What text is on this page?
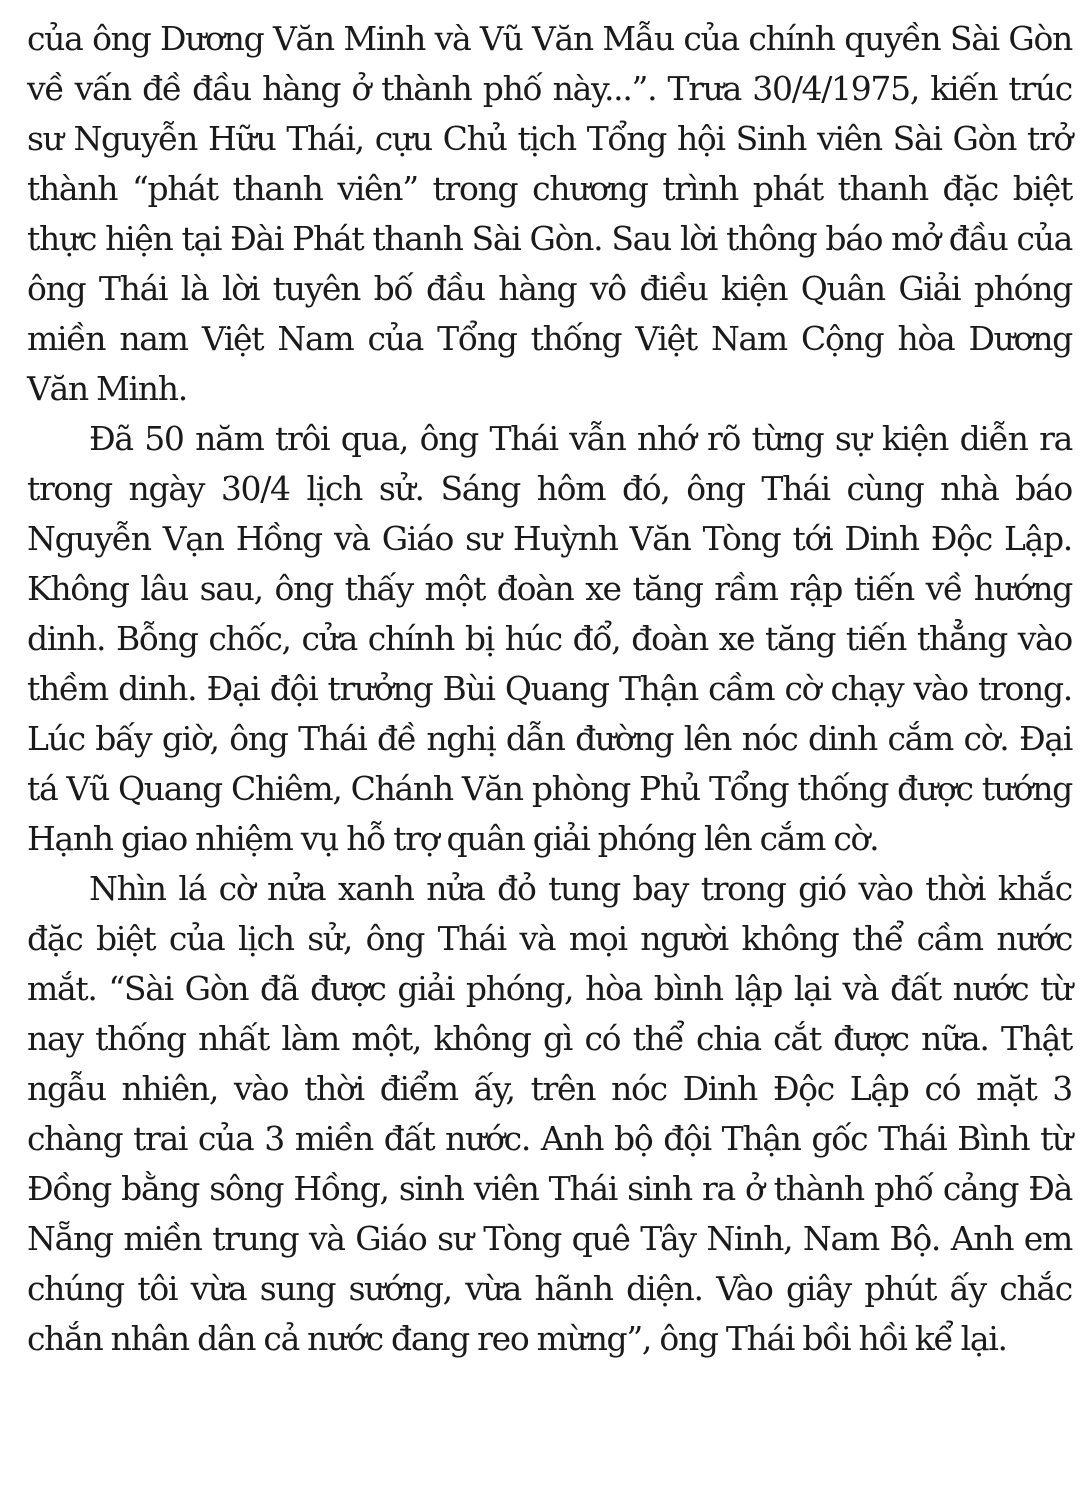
của ông Dương Văn Minh và Vũ Văn Mẫu của chính quyền Sài Gòn về vấn đề đầu hàng ở thành phố này...”. Trưa 30/4/1975, kiến trúc sư Nguyễn Hữu Thái, cựu Chủ tịch Tổng hội Sinh viên Sài Gòn trở thành “phát thanh viên” trong chương trình phát thanh đặc biệt thực hiện tại Đài Phát thanh Sài Gòn. Sau lời thông báo mở đầu của ông Thái là lời tuyên bố đầu hàng vô điều kiện Quân Giải phóng miền nam Việt Nam của Tổng thống Việt Nam Cộng hòa Dương Văn Minh.

Đã 50 năm trôi qua, ông Thái vẫn nhớ rõ từng sự kiện diễn ra trong ngày 30/4 lịch sử. Sáng hôm đó, ông Thái cùng nhà báo Nguyễn Vạn Hồng và Giáo sư Huỳnh Văn Tòng tới Dinh Độc Lập. Không lâu sau, ông thấy một đoàn xe tăng rầm rập tiến về hướng dinh. Bỗng chốc, cửa chính bị húc đổ, đoàn xe tăng tiến thẳng vào thềm dinh. Đại đội trưởng Bùi Quang Thận cầm cờ chạy vào trong. Lúc bấy giờ, ông Thái đề nghị dẫn đường lên nóc dinh cắm cờ. Đại tá Vũ Quang Chiêm, Chánh Văn phòng Phủ Tổng thống được tướng Hạnh giao nhiệm vụ hỗ trợ quân giải phóng lên cắm cờ.

Nhìn lá cờ nửa xanh nửa đỏ tung bay trong gió vào thời khắc đặc biệt của lịch sử, ông Thái và mọi người không thể cầm nước mắt. “Sài Gòn đã được giải phóng, hòa bình lập lại và đất nước từ nay thống nhất làm một, không gì có thể chia cắt được nữa. Thật ngẫu nhiên, vào thời điểm ấy, trên nóc Dinh Độc Lập có mặt 3 chàng trai của 3 miền đất nước. Anh bộ đội Thận gốc Thái Bình từ Đồng bằng sông Hồng, sinh viên Thái sinh ra ở thành phố cảng Đà Nẵng miền trung và Giáo sư Tòng quê Tây Ninh, Nam Bộ. Anh em chúng tôi vừa sung sướng, vừa hãnh diện. Vào giây phút ấy chắc chắn nhân dân cả nước đang reo mừng”, ông Thái bồi hồi kể lại.
